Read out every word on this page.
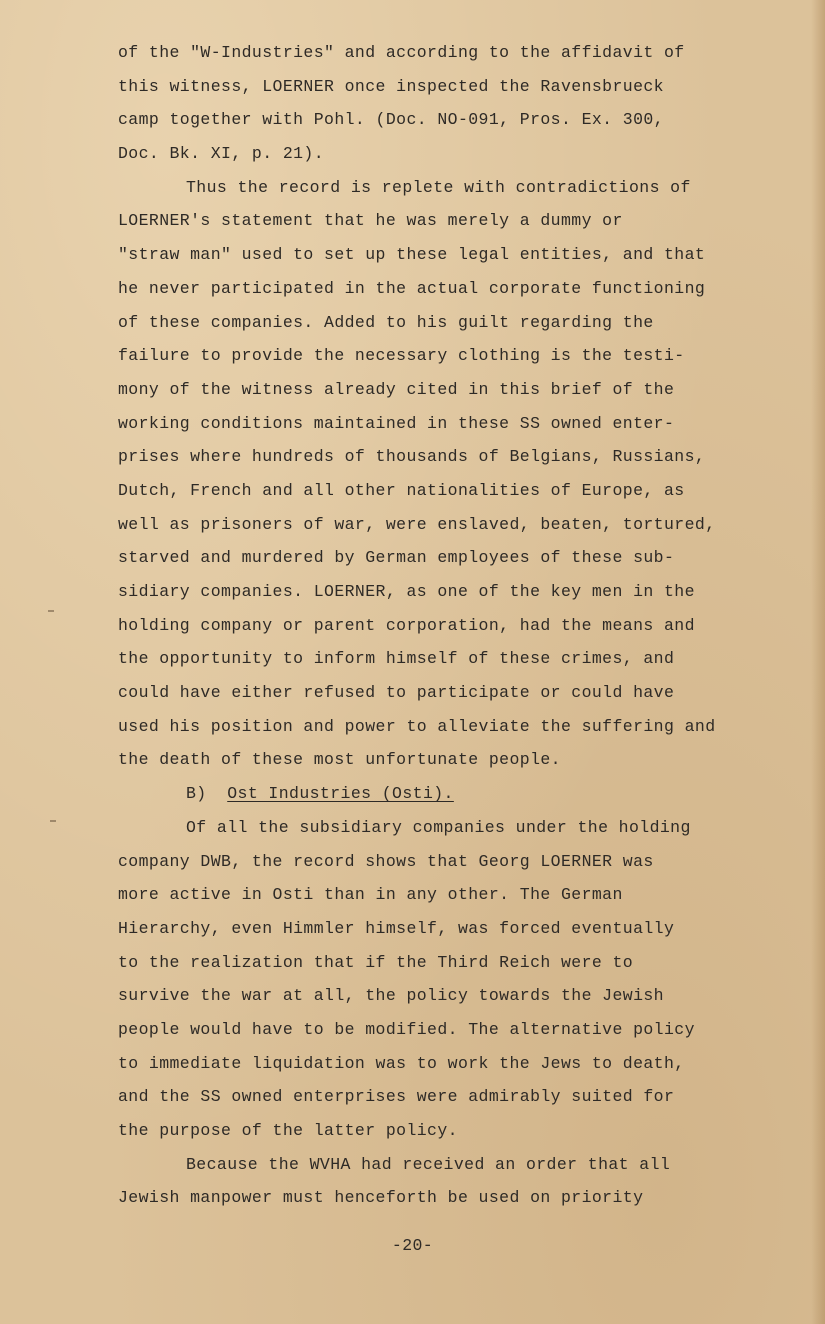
of the "W-Industries" and according to the affidavit of
this witness, LOERNER once inspected the Ravensbrueck
camp together with Pohl. (Doc. NO-091, Pros. Ex. 300,
Doc. Bk. XI, p. 21).
Thus the record is replete with contradictions of
LOERNER's statement that he was merely a dummy or
"straw man" used to set up these legal entities, and that
he never participated in the actual corporate functioning
of these companies. Added to his guilt regarding the
failure to provide the necessary clothing is the testi-
mony of the witness already cited in this brief of the
working conditions maintained in these SS owned enter-
prises where hundreds of thousands of Belgians, Russians,
Dutch, French and all other nationalities of Europe, as
well as prisoners of war, were enslaved, beaten, tortured,
starved and murdered by German employees of these sub-
sidiary companies. LOERNER, as one of the key men in the
holding company or parent corporation, had the means and
the opportunity to inform himself of these crimes, and
could have either refused to participate or could have
used his position and power to alleviate the suffering and
the death of these most unfortunate people.
B) Ost Industries (Osti).
Of all the subsidiary companies under the holding
company DWB, the record shows that Georg LOERNER was
more active in Osti than in any other. The German
Hierarchy, even Himmler himself, was forced eventually
to the realization that if the Third Reich were to
survive the war at all, the policy towards the Jewish
people would have to be modified. The alternative policy
to immediate liquidation was to work the Jews to death,
and the SS owned enterprises were admirably suited for
the purpose of the latter policy.
Because the WVHA had received an order that all
Jewish manpower must henceforth be used on priority
-20-
